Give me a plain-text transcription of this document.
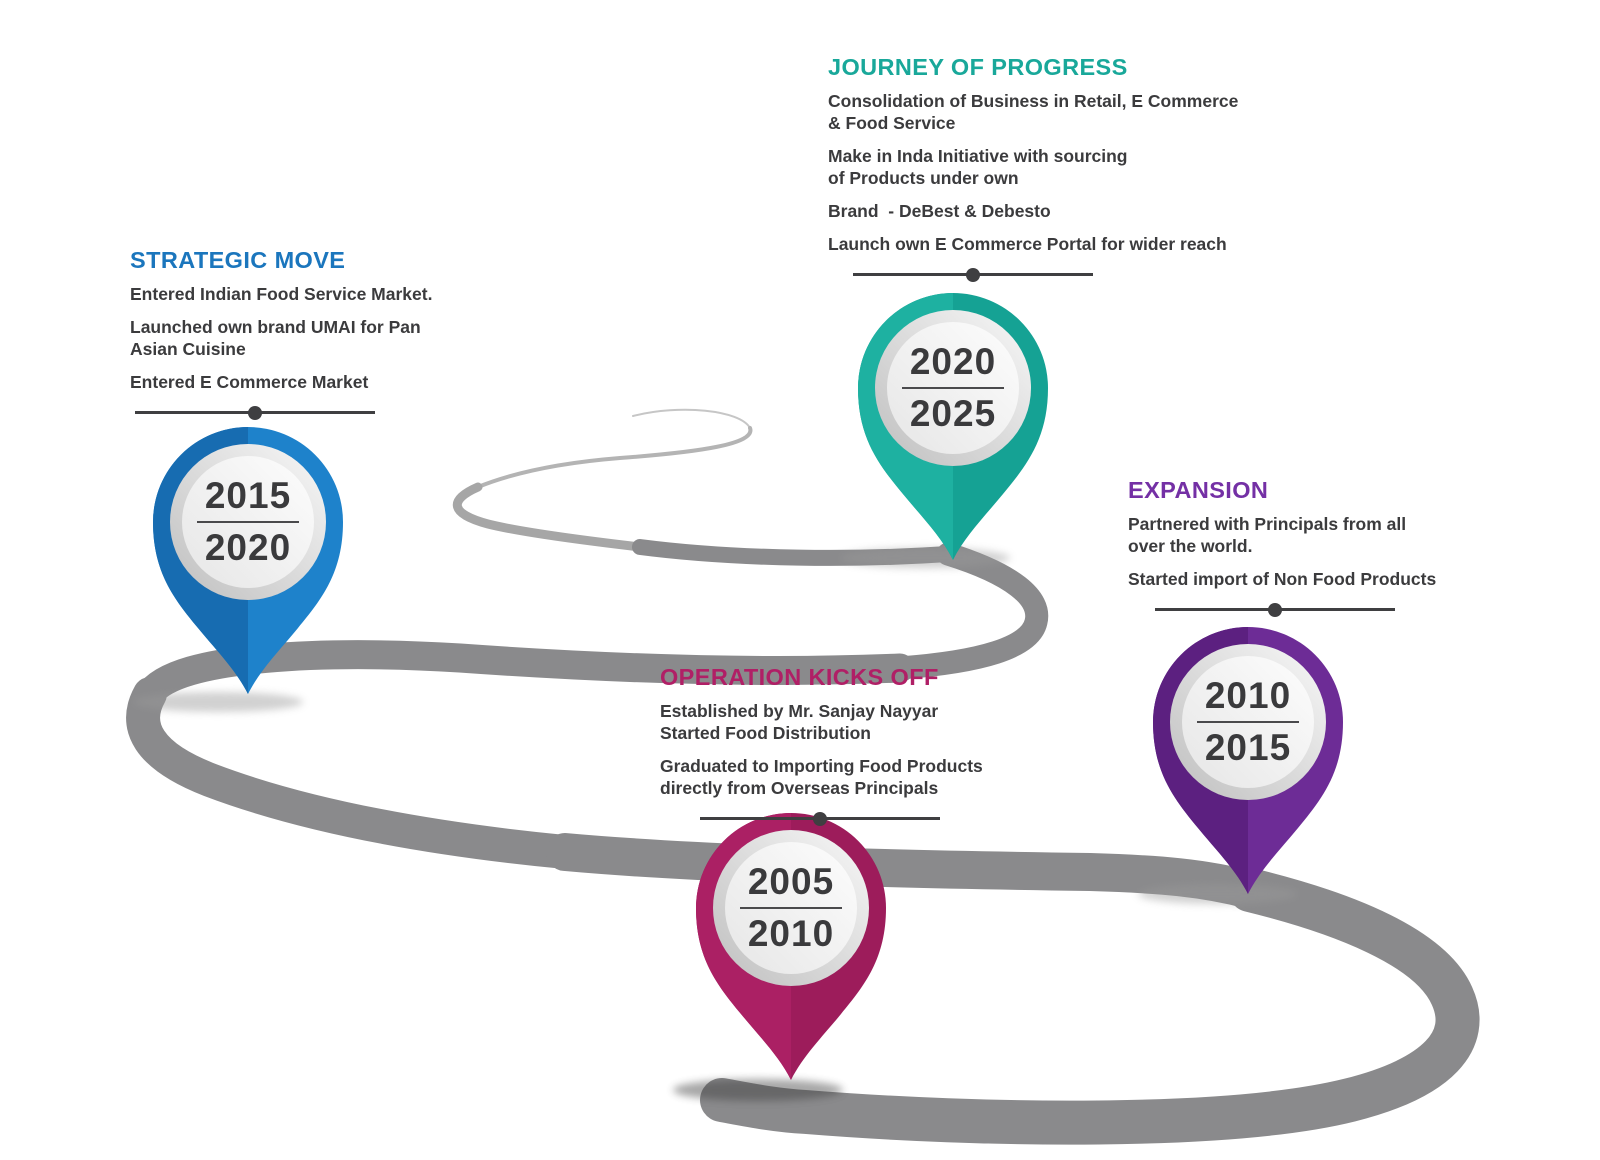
2015
2020
2020
2025
2010
2015
2005
2010
JOURNEY OF PROGRESS
Consolidation of Business in Retail, E Commerce
& Food Service
Make in Inda Initiative with sourcing
of Products under own
Brand  - DeBest & Debesto
Launch own E Commerce Portal for wider reach
STRATEGIC MOVE
Entered Indian Food Service Market.
Launched own brand UMAI for Pan
Asian Cuisine
Entered E Commerce Market
EXPANSION
Partnered with Principals from all
over the world.
Started import of Non Food Products
OPERATION KICKS OFF
Established by Mr. Sanjay Nayyar
Started Food Distribution
Graduated to Importing Food Products
directly from Overseas Principals
